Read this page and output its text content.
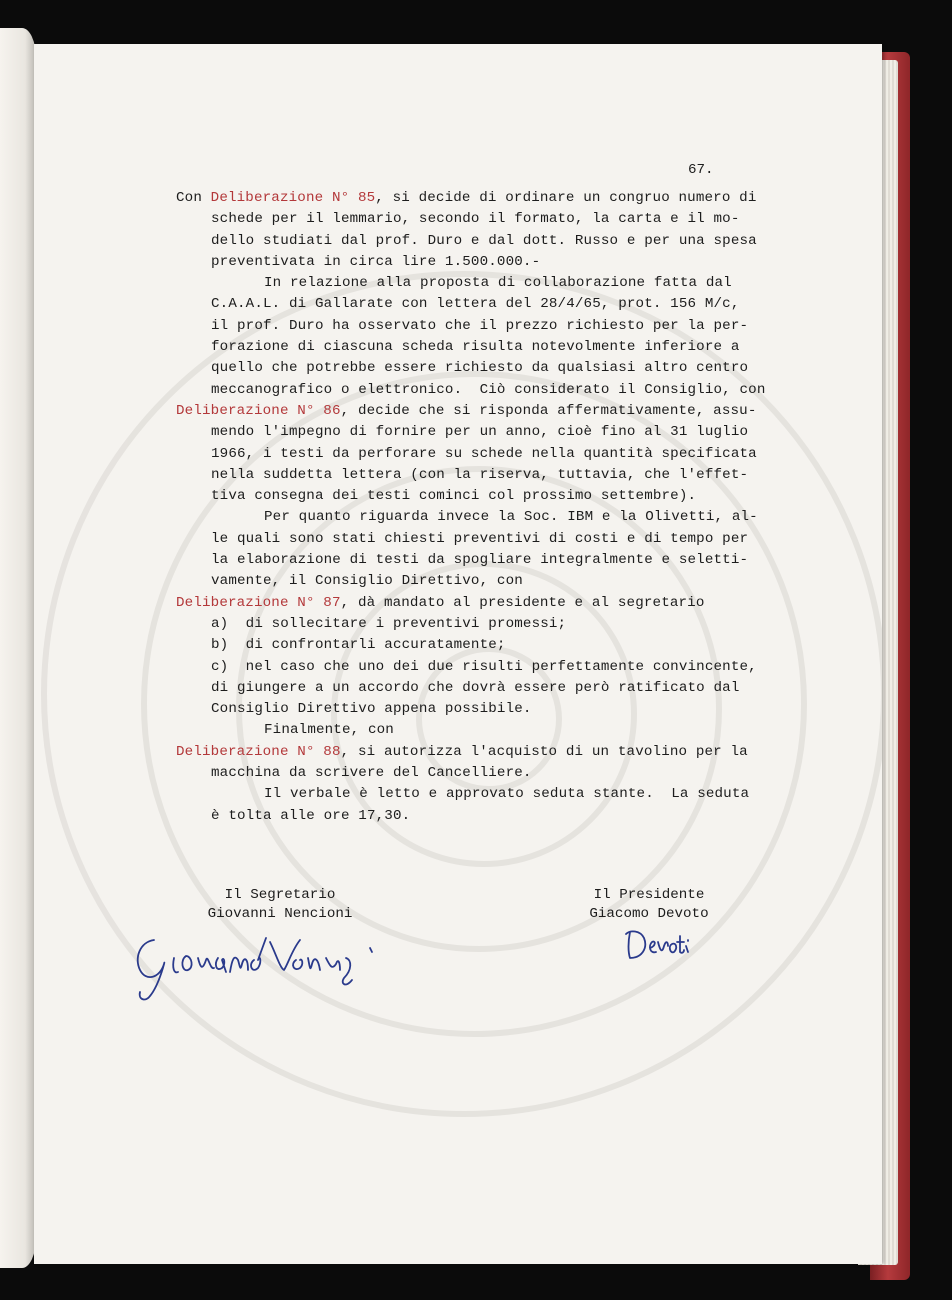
67.
Con Deliberazione N° 85, si decide di ordinare un congruo numero di
schede per il lemmario, secondo il formato, la carta e il mo-
dello studiati dal prof. Duro e dal dott. Russo e per una spesa
preventivata in circa lire 1.500.000.-
In relazione alla proposta di collaborazione fatta dal
C.A.A.L. di Gallarate con lettera del 28/4/65, prot. 156 M/c,
il prof. Duro ha osservato che il prezzo richiesto per la per-
forazione di ciascuna scheda risulta notevolmente inferiore a
quello che potrebbe essere richiesto da qualsiasi altro centro
meccanografico o elettronico.  Ciò considerato il Consiglio, con
Deliberazione N° 86, decide che si risponda affermativamente, assu-
mendo l'impegno di fornire per un anno, cioè fino al 31 luglio
1966, i testi da perforare su schede nella quantità specificata
nella suddetta lettera (con la riserva, tuttavia, che l'effet-
tiva consegna dei testi cominci col prossimo settembre).
Per quanto riguarda invece la Soc. IBM e la Olivetti, al-
le quali sono stati chiesti preventivi di costi e di tempo per
la elaborazione di testi da spogliare integralmente e seletti-
vamente, il Consiglio Direttivo, con
Deliberazione N° 87, dà mandato al presidente e al segretario
a)  di sollecitare i preventivi promessi;
b)  di confrontarli accuratamente;
c)  nel caso che uno dei due risulti perfettamente convincente,
di giungere a un accordo che dovrà essere però ratificato dal
Consiglio Direttivo appena possibile.
Finalmente, con
Deliberazione N° 88, si autorizza l'acquisto di un tavolino per la
macchina da scrivere del Cancelliere.
Il verbale è letto e approvato seduta stante.  La seduta
è tolta alle ore 17,30.
Il Segretario
Giovanni Nencioni
Il Presidente
Giacomo Devoto
